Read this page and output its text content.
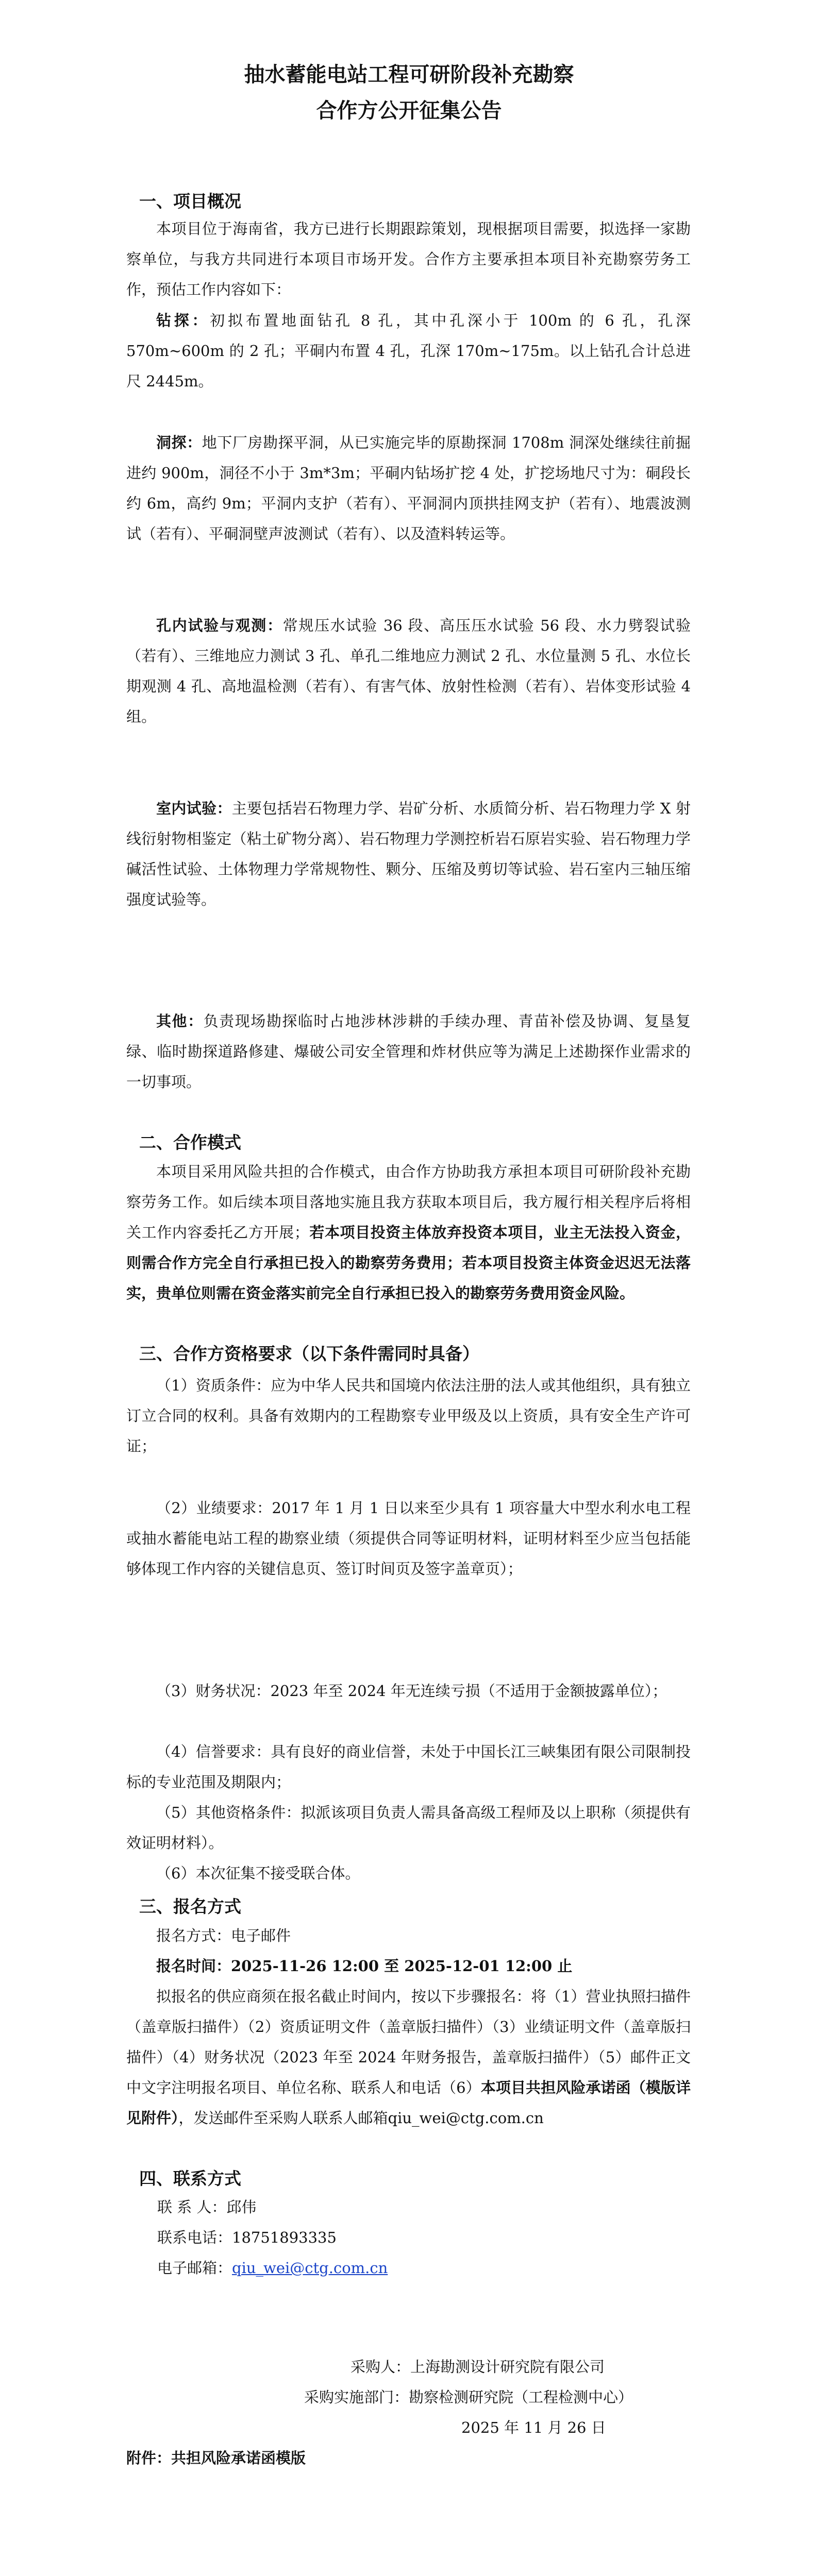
抽水蓄能电站工程可研阶段补充勘察
合作方公开征集公告
一、项目概况
本项目位于海南省，我方已进行长期跟踪策划，现根据项目需要，拟选择一家勘察单位，与我方共同进行本项目市场开发。合作方主要承担本项目补充勘察劳务工作，预估工作内容如下：
钻探：初拟布置地面钻孔 8 孔，其中孔深小于 100m 的 6 孔，孔深 570m~600m 的 2 孔；平硐内布置 4 孔，孔深 170m~175m。以上钻孔合计总进尺 2445m。
洞探：地下厂房勘探平洞，从已实施完毕的原勘探洞 1708m 洞深处继续往前掘进约 900m，洞径不小于 3m*3m；平硐内钻场扩挖 4 处，扩挖场地尺寸为：硐段长约 6m，高约 9m；平洞内支护（若有）、平洞洞内顶拱挂网支护（若有）、地震波测试（若有）、平硐洞壁声波测试（若有）、以及渣料转运等。
孔内试验与观测：常规压水试验 36 段、高压压水试验 56 段、水力劈裂试验（若有）、三维地应力测试 3 孔、单孔二维地应力测试 2 孔、水位量测 5 孔、水位长期观测 4 孔、高地温检测（若有）、有害气体、放射性检测（若有）、岩体变形试验 4 组。
室内试验：主要包括岩石物理力学、岩矿分析、水质简分析、岩石物理力学 X 射线衍射物相鉴定（粘土矿物分离）、岩石物理力学测控析岩石原岩实验、岩石物理力学碱活性试验、土体物理力学常规物性、颗分、压缩及剪切等试验、岩石室内三轴压缩强度试验等。
其他：负责现场勘探临时占地涉林涉耕的手续办理、青苗补偿及协调、复垦复绿、临时勘探道路修建、爆破公司安全管理和炸材供应等为满足上述勘探作业需求的一切事项。
二、合作模式
本项目采用风险共担的合作模式，由合作方协助我方承担本项目可研阶段补充勘察劳务工作。如后续本项目落地实施且我方获取本项目后，我方履行相关程序后将相关工作内容委托乙方开展；若本项目投资主体放弃投资本项目，业主无法投入资金，则需合作方完全自行承担已投入的勘察劳务费用；若本项目投资主体资金迟迟无法落实，贵单位则需在资金落实前完全自行承担已投入的勘察劳务费用资金风险。
三、合作方资格要求（以下条件需同时具备）
（1）资质条件：应为中华人民共和国境内依法注册的法人或其他组织，具有独立订立合同的权利。具备有效期内的工程勘察专业甲级及以上资质，具有安全生产许可证；
（2）业绩要求：2017 年 1 月 1 日以来至少具有 1 项容量大中型水利水电工程或抽水蓄能电站工程的勘察业绩（须提供合同等证明材料，证明材料至少应当包括能够体现工作内容的关键信息页、签订时间页及签字盖章页）；
（3）财务状况：2023 年至 2024 年无连续亏损（不适用于金额披露单位）；
（4）信誉要求：具有良好的商业信誉，未处于中国长江三峡集团有限公司限制投标的专业范围及期限内；
（5）其他资格条件：拟派该项目负责人需具备高级工程师及以上职称（须提供有效证明材料）。
（6）本次征集不接受联合体。
三、报名方式
报名方式：电子邮件
报名时间：2025-11-26 12:00 至 2025-12-01 12:00 止
拟报名的供应商须在报名截止时间内，按以下步骤报名：将（1）营业执照扫描件（盖章版扫描件）（2）资质证明文件（盖章版扫描件）（3）业绩证明文件（盖章版扫描件）（4）财务状况（2023 年至 2024 年财务报告，盖章版扫描件）（5）邮件正文中文字注明报名项目、单位名称、联系人和电话（6）本项目共担风险承诺函（模版详见附件），发送邮件至采购人联系人邮箱qiu_wei@ctg.com.cn
四、联系方式
联 系 人：邱伟
联系电话：18751893335
电子邮箱：qiu_wei@ctg.com.cn
采购人：上海勘测设计研究院有限公司
采购实施部门：勘察检测研究院（工程检测中心）
2025 年 11 月 26 日
附件：共担风险承诺函模版
